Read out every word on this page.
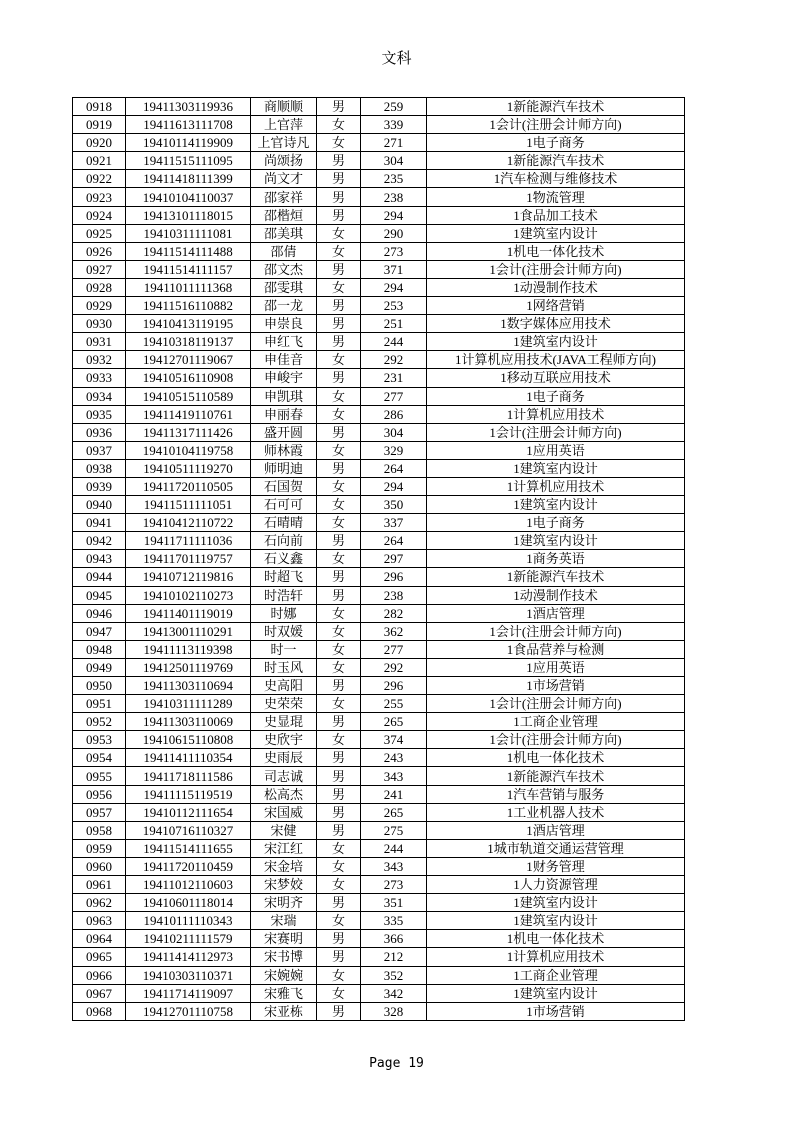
文科
0918	19411303119936	商顺顺	男	259	1新能源汽车技术
0919	19411613111708	上官萍	女	339	1会计(注册会计师方向)
0920	19410114119909	上官诗凡	女	271	1电子商务
0921	19411515111095	尚颂扬	男	304	1新能源汽车技术
0922	19411418111399	尚文才	男	235	1汽车检测与维修技术
0923	19410104110037	邵家祥	男	238	1物流管理
0924	19413101118015	邵楷烜	男	294	1食品加工技术
0925	19410311111081	邵美琪	女	290	1建筑室内设计
0926	19411514111488	邵倩	女	273	1机电一体化技术
0927	19411514111157	邵文杰	男	371	1会计(注册会计师方向)
0928	19411011111368	邵雯琪	女	294	1动漫制作技术
0929	19411516110882	邵一龙	男	253	1网络营销
0930	19410413119195	申崇良	男	251	1数字媒体应用技术
0931	19410318119137	申红飞	男	244	1建筑室内设计
0932	19412701119067	申佳音	女	292	1计算机应用技术(JAVA工程师方向)
0933	19410516110908	申峻宇	男	231	1移动互联应用技术
0934	19410515110589	申凯琪	女	277	1电子商务
0935	19411419110761	申丽春	女	286	1计算机应用技术
0936	19411317111426	盛开圆	男	304	1会计(注册会计师方向)
0937	19410104119758	师林霞	女	329	1应用英语
0938	19410511119270	师明迪	男	264	1建筑室内设计
0939	19411720110505	石国贺	女	294	1计算机应用技术
0940	19411511111051	石可可	女	350	1建筑室内设计
0941	19410412110722	石晴晴	女	337	1电子商务
0942	19411711111036	石向前	男	264	1建筑室内设计
0943	19411701119757	石义鑫	女	297	1商务英语
0944	19410712119816	时超飞	男	296	1新能源汽车技术
0945	19410102110273	时浩轩	男	238	1动漫制作技术
0946	19411401119019	时娜	女	282	1酒店管理
0947	19413001110291	时双媛	女	362	1会计(注册会计师方向)
0948	19411113119398	时一	女	277	1食品营养与检测
0949	19412501119769	时玉风	女	292	1应用英语
0950	19411303110694	史高阳	男	296	1市场营销
0951	19410311111289	史荣荣	女	255	1会计(注册会计师方向)
0952	19411303110069	史显琨	男	265	1工商企业管理
0953	19410615110808	史欣宇	女	374	1会计(注册会计师方向)
0954	19411411110354	史雨辰	男	243	1机电一体化技术
0955	19411718111586	司志诚	男	343	1新能源汽车技术
0956	19411115119519	松高杰	男	241	1汽车营销与服务
0957	19410112111654	宋国威	男	265	1工业机器人技术
0958	19410716110327	宋健	男	275	1酒店管理
0959	19411514111655	宋江红	女	244	1城市轨道交通运营管理
0960	19411720110459	宋金培	女	343	1财务管理
0961	19411012110603	宋梦姣	女	273	1人力资源管理
0962	19410601118014	宋明齐	男	351	1建筑室内设计
0963	19410111110343	宋瑞	女	335	1建筑室内设计
0964	19410211111579	宋赛明	男	366	1机电一体化技术
0965	19411414112973	宋书博	男	212	1计算机应用技术
0966	19410303110371	宋婉婉	女	352	1工商企业管理
0967	19411714119097	宋雅飞	女	342	1建筑室内设计
0968	19412701110758	宋亚栋	男	328	1市场营销
Page 19
